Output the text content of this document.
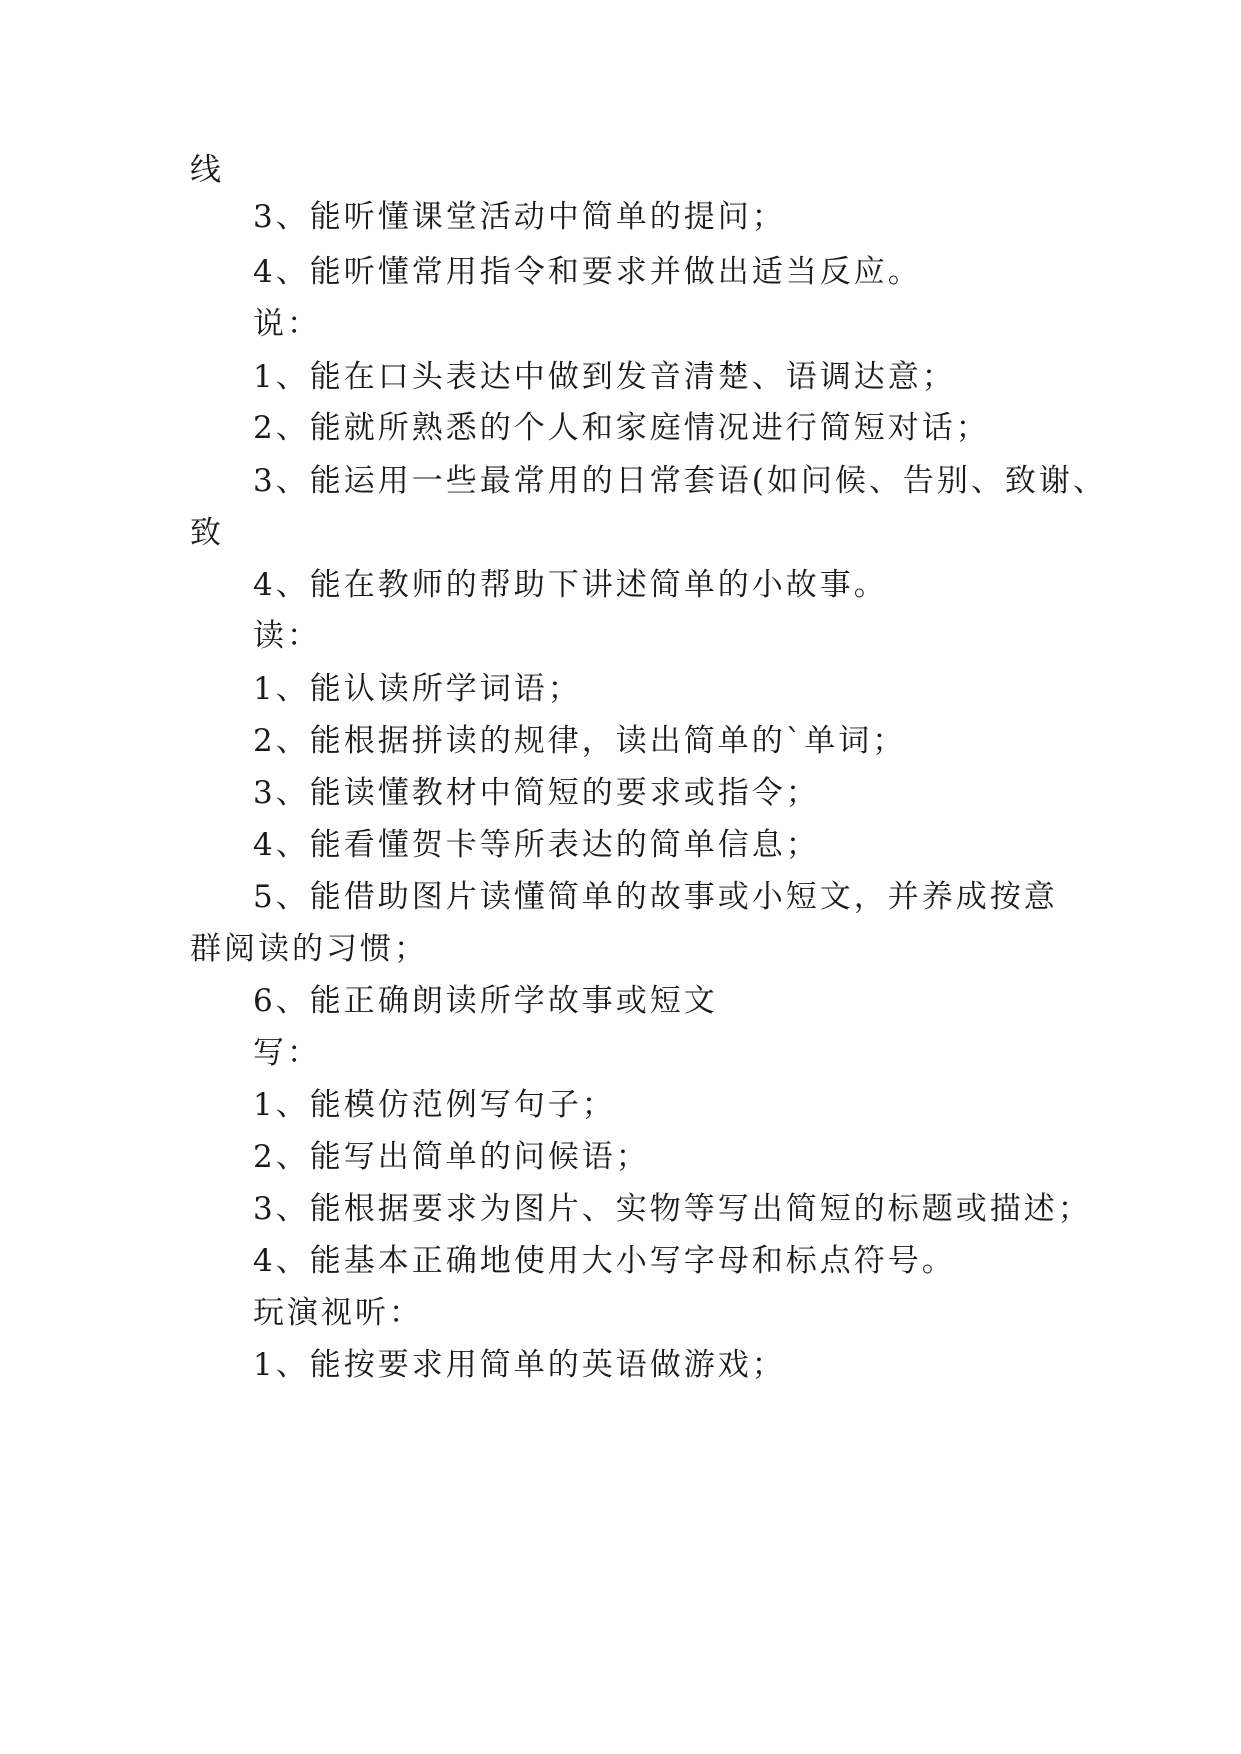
线
3、能听懂课堂活动中简单的提问；
4、能听懂常用指令和要求并做出适当反应。
说：
1、能在口头表达中做到发音清楚、语调达意；
2、能就所熟悉的个人和家庭情况进行简短对话；
3、能运用一些最常用的日常套语(如问候、告别、致谢、
致
4、能在教师的帮助下讲述简单的小故事。
读：
1、能认读所学词语；
2、能根据拼读的规律，读出简单的`单词；
3、能读懂教材中简短的要求或指令；
4、能看懂贺卡等所表达的简单信息；
5、能借助图片读懂简单的故事或小短文，并养成按意
群阅读的习惯；
6、能正确朗读所学故事或短文
写：
1、能模仿范例写句子；
2、能写出简单的问候语；
3、能根据要求为图片、实物等写出简短的标题或描述；
4、能基本正确地使用大小写字母和标点符号。
玩演视听：
1、能按要求用简单的英语做游戏；
